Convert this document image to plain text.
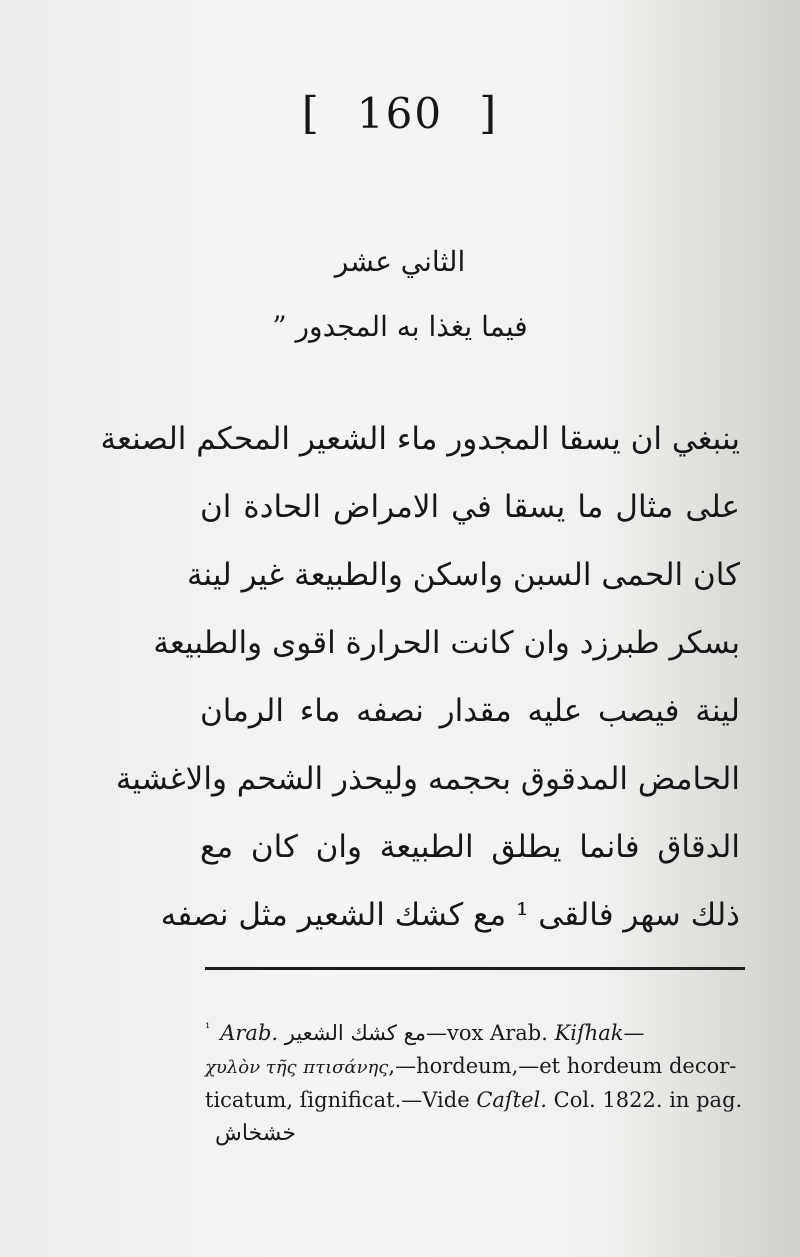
[ 160 ]
الثاني عشر
فيما يغذا به المجدور ”
ينبغي ان يسقا المجدور ماء الشعير المحكم الصنعة
على مثال ما يسقا في الامراض الحادة ان
كان الحمى السبن واسكن والطبيعة غير لينة
بسكر طبرزد وان كانت الحرارة اقوى والطبيعة
لينة فيصب عليه مقدار نصفه ماء الرمان
الحامض المدقوق بحجمه وليحذر الشحم والاغشية
الدقاق فانما يطلق الطبيعة وان كان مع
ذلك سهر فالقى ¹ مع كشك الشعير مثل نصفه
$^{^1}$ Arab. كشك الشعير مع—vox Arab. Kiſhak—
χυλὸν τῆς πτισάνης,—hordeum,—et hordeum decor-
ticatum, ſignificat.—Vide Caſtel. Col. 1822. in pag.
خشخاش
